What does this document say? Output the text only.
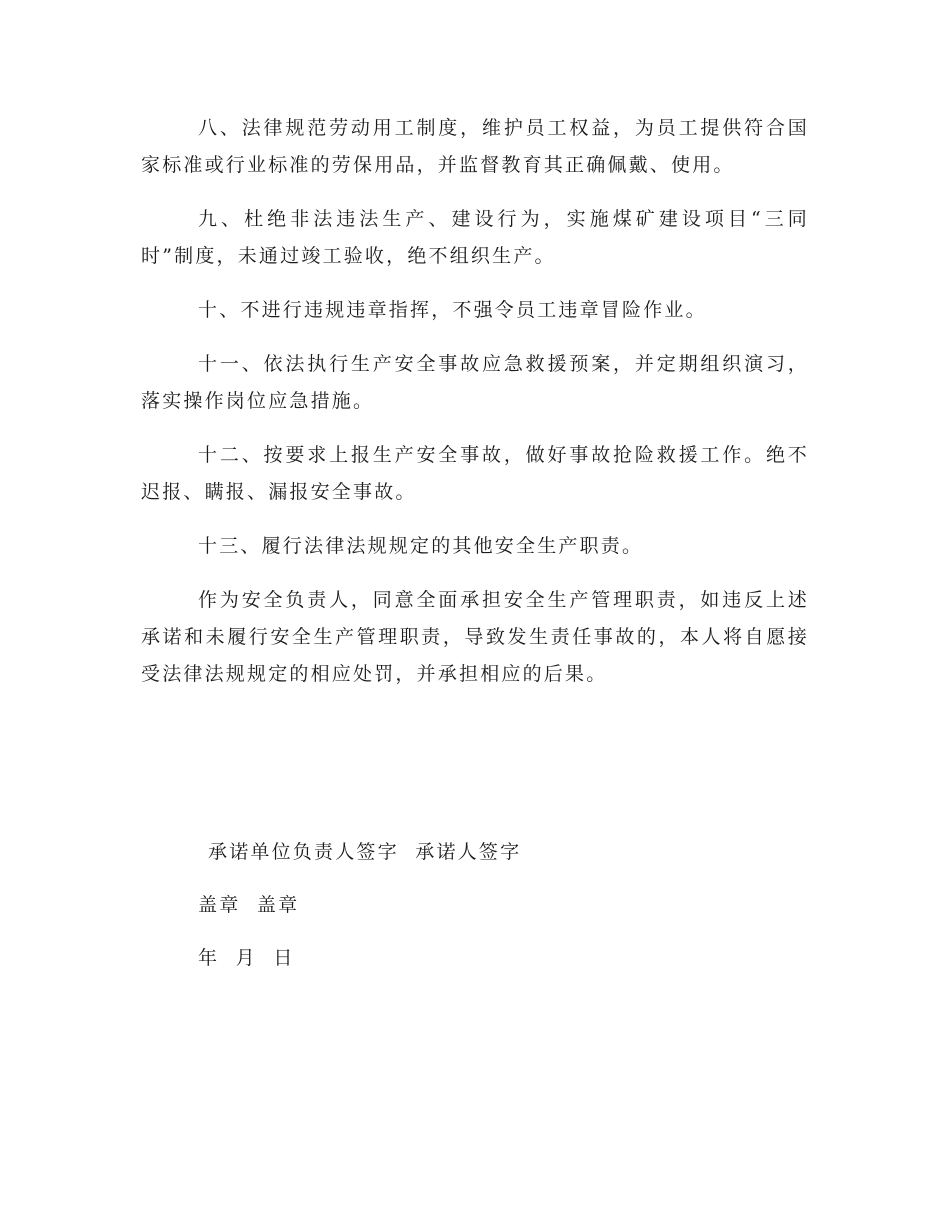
八、法律规范劳动用工制度，维护员工权益，为员工提供符合国家标准或行业标准的劳保用品，并监督教育其正确佩戴、使用。

九、杜绝非法违法生产、建设行为，实施煤矿建设项目“三同时”制度，未通过竣工验收，绝不组织生产。

十、不进行违规违章指挥，不强令员工违章冒险作业。

十一、依法执行生产安全事故应急救援预案，并定期组织演习，落实操作岗位应急措施。

十二、按要求上报生产安全事故，做好事故抢险救援工作。绝不迟报、瞒报、漏报安全事故。

十三、履行法律法规规定的其他安全生产职责。

作为安全负责人，同意全面承担安全生产管理职责，如违反上述承诺和未履行安全生产管理职责，导致发生责任事故的，本人将自愿接受法律法规规定的相应处罚，并承担相应的后果。

承诺单位负责人签字  承诺人签字
盖章  盖章
年  月  日
